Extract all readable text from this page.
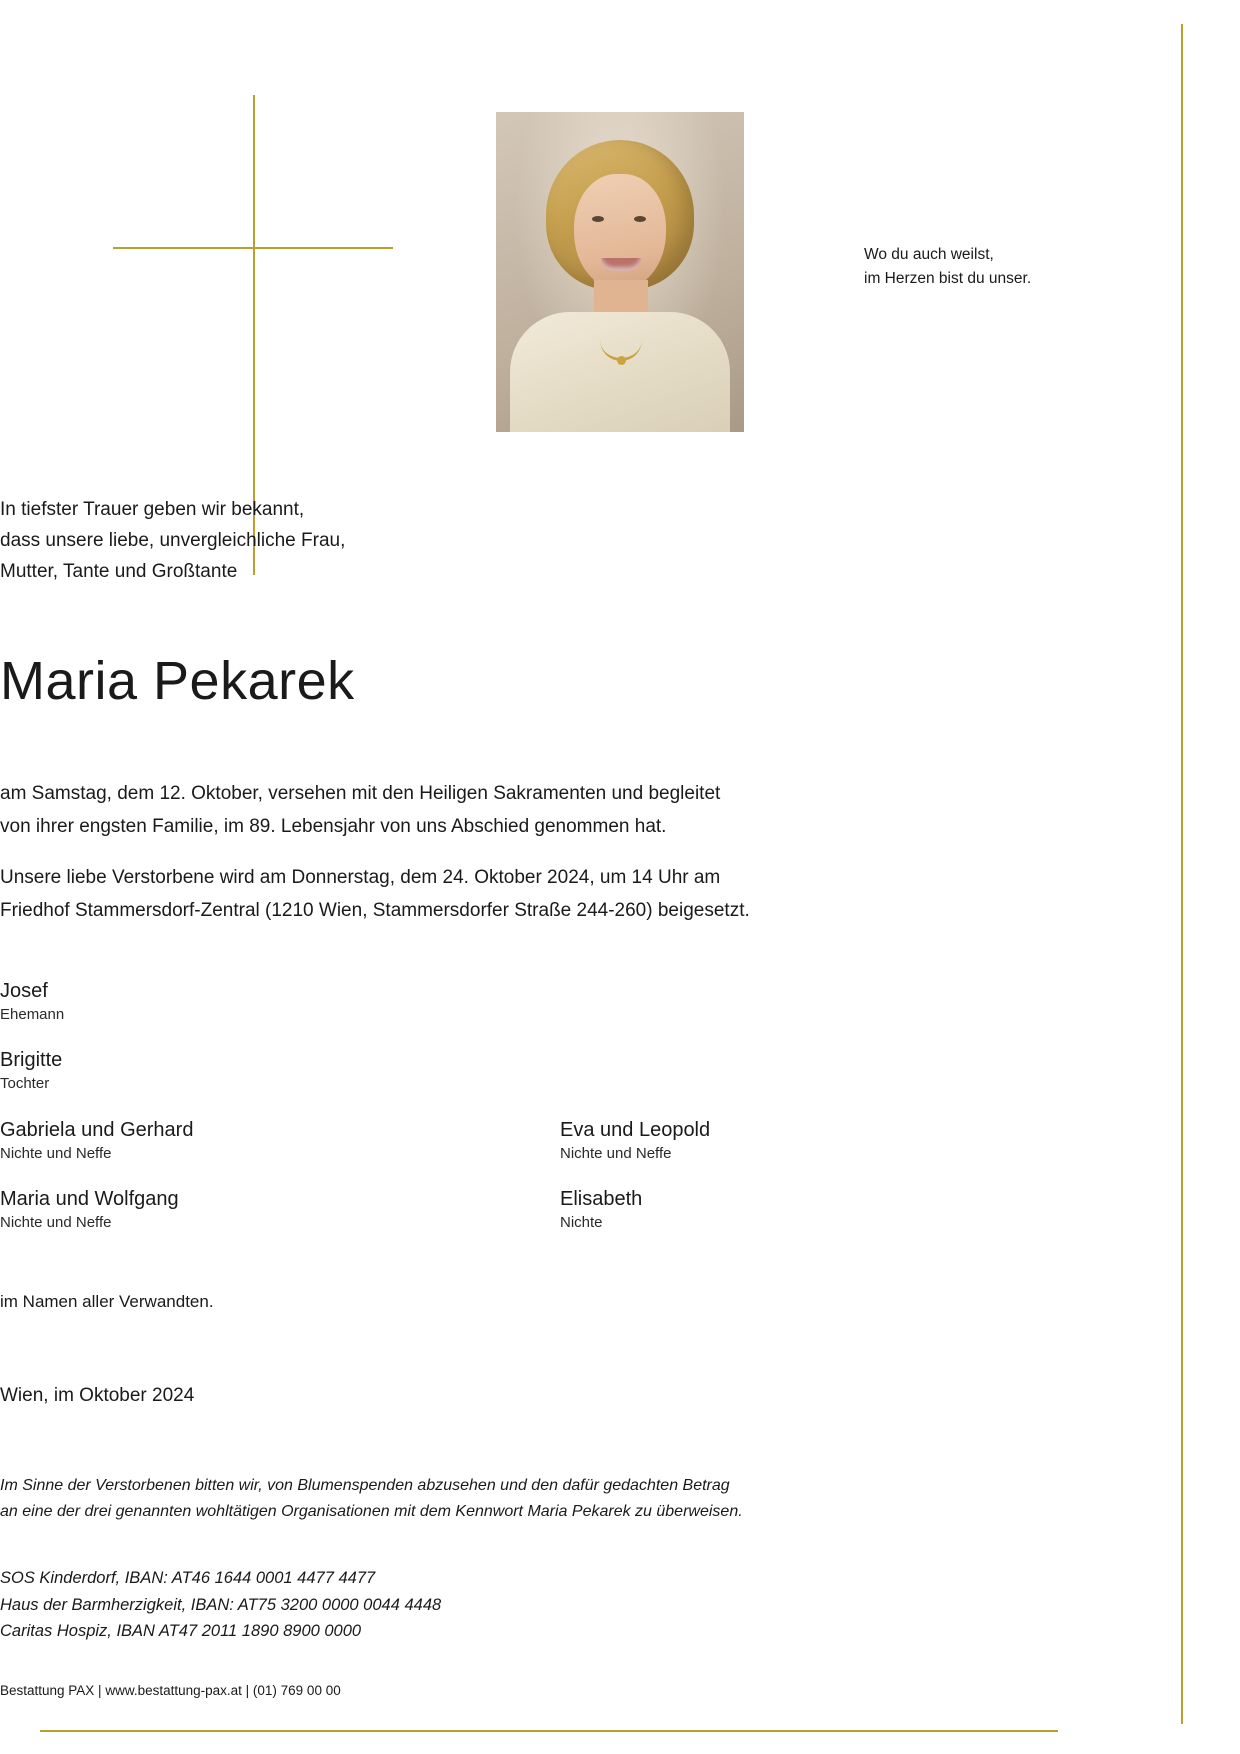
Wo du auch weilst,
im Herzen bist du unser.
In tiefster Trauer geben wir bekannt,
dass unsere liebe, unvergleichliche Frau,
Mutter, Tante und Großtante
Maria Pekarek
am Samstag, dem 12. Oktober, versehen mit den Heiligen Sakramenten und begleitet
von ihrer engsten Familie, im 89. Lebensjahr von uns Abschied genommen hat.
Unsere liebe Verstorbene wird am Donnerstag, dem 24. Oktober 2024, um 14 Uhr am
Friedhof Stammersdorf-Zentral (1210 Wien, Stammersdorfer Straße 244-260) beigesetzt.
Josef
Ehemann
Brigitte
Tochter
Gabriela und Gerhard
Nichte und Neffe
Eva und Leopold
Nichte und Neffe
Maria und Wolfgang
Nichte und Neffe
Elisabeth
Nichte
im Namen aller Verwandten.
Wien, im Oktober 2024
Im Sinne der Verstorbenen bitten wir, von Blumenspenden abzusehen und den dafür gedachten Betrag
an eine der drei genannten wohltätigen Organisationen mit dem Kennwort Maria Pekarek zu überweisen.
SOS Kinderdorf, IBAN: AT46 1644 0001 4477 4477
Haus der Barmherzigkeit, IBAN: AT75 3200 0000 0044 4448
Caritas Hospiz, IBAN AT47 2011 1890 8900 0000
Bestattung PAX | www.bestattung-pax.at | (01) 769 00 00
